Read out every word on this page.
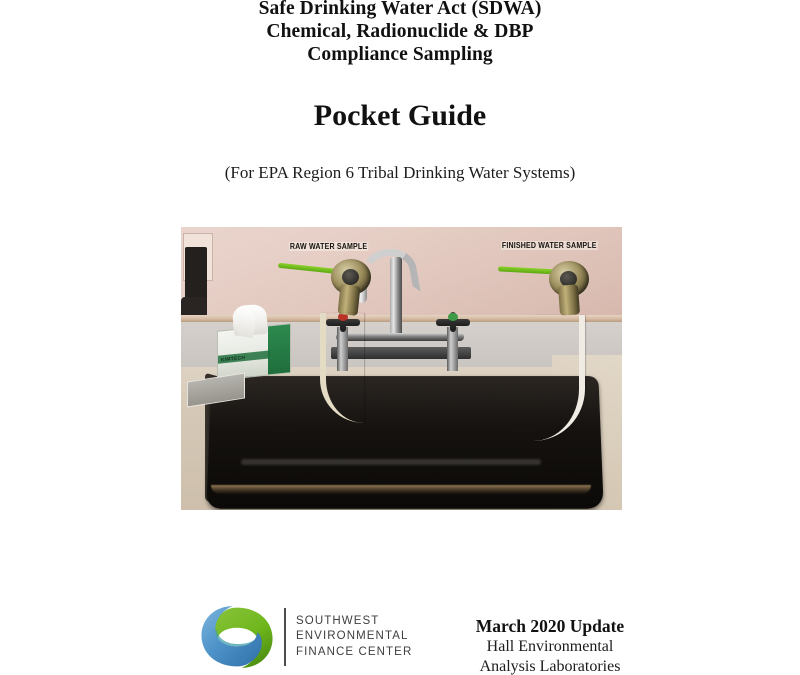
Safe Drinking Water Act (SDWA)
Chemical, Radionuclide & DBP
Compliance Sampling
Pocket Guide
(For EPA Region 6 Tribal Drinking Water Systems)
KIMTECH
RAW WATER SAMPLE	FINISHED WATER SAMPLE
SOUTHWEST
ENVIRONMENTAL
FINANCE CENTER
March 2020 Update
Hall Environmental
Analysis Laboratories
